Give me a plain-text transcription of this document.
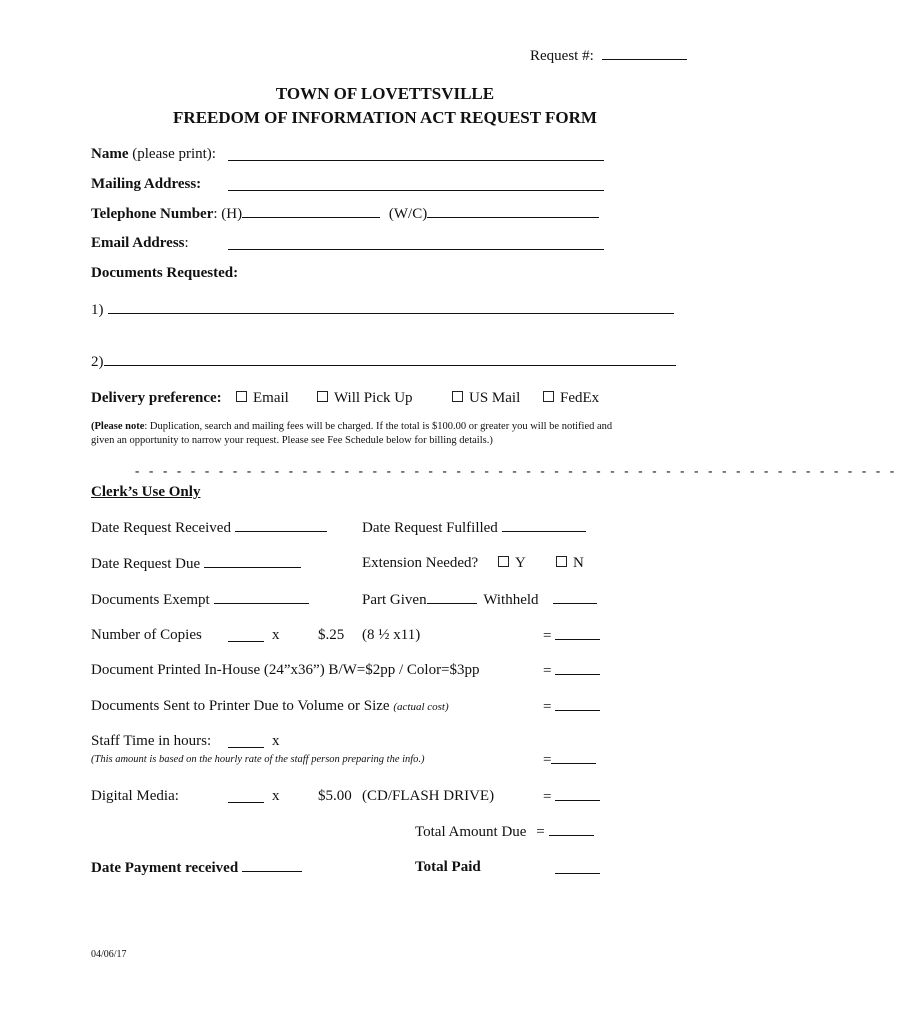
Request #:
TOWN OF LOVETTSVILLE
FREEDOM OF INFORMATION ACT REQUEST FORM
Name (please print):
Mailing Address:
Telephone Number: (H)	(W/C)
Email Address:
Documents Requested:
1)
2)
Delivery preference:	Email	Will Pick Up	US Mail	FedEx
(Please note: Duplication, search and mailing fees will be charged. If the total is $100.00 or greater you will be notified and
given an opportunity to narrow your request. Please see Fee Schedule below for billing details.)
- - - - - - - - - - - - - - - - - - - - - - - - - - - - - - - - - - - - - - - - - - - - - - - - - - - - - - -
Clerk’s Use Only
Date Request Received	Date Request Fulfilled
Date Request Due	Extension Needed?	Y	N
Documents Exempt	Part Given	Withheld
Number of Copies	x	$.25 (8 ½ x11)	=
Document Printed In-House (24”x36”) B/W=$2pp / Color=$3pp	=
Documents Sent to Printer Due to Volume or Size (actual cost)	=
Staff Time in hours:	x
(This amount is based on the hourly rate of the staff person preparing the info.)	=
Digital Media:	x	$5.00 (CD/FLASH DRIVE)	=
Total Amount Due =
Date Payment received	Total Paid
04/06/17
